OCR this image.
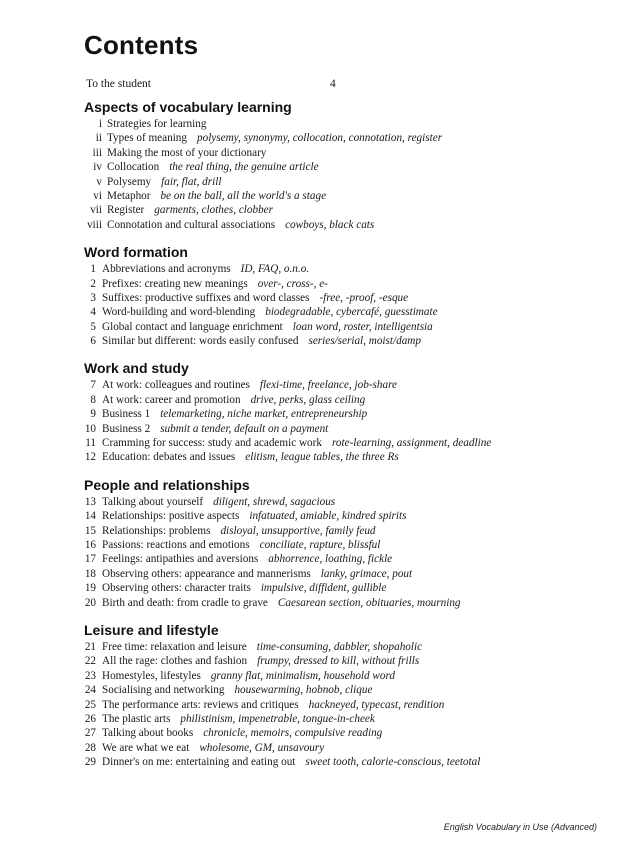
Contents
To the student	4
Aspects of vocabulary learning
i Strategies for learning
ii Types of meaning polysemy, synonymy, collocation, connotation, register
iii Making the most of your dictionary
iv Collocation the real thing, the genuine article
v Polysemy fair, flat, drill
vi Metaphor be on the ball, all the world's a stage
vii Register garments, clothes, clobber
viii Connotation and cultural associations cowboys, black cats
Word formation
1 Abbreviations and acronyms ID, FAQ, o.n.o.
2 Prefixes: creating new meanings over-, cross-, e-
3 Suffixes: productive suffixes and word classes -free, -proof, -esque
4 Word-building and word-blending biodegradable, cybercafé, guesstimate
5 Global contact and language enrichment loan word, roster, intelligentsia
6 Similar but different: words easily confused series/serial, moist/damp
Work and study
7 At work: colleagues and routines flexi-time, freelance, job-share
8 At work: career and promotion drive, perks, glass ceiling
9 Business 1 telemarketing, niche market, entrepreneurship
10 Business 2 submit a tender, default on a payment
11 Cramming for success: study and academic work rote-learning, assignment, deadline
12 Education: debates and issues elitism, league tables, the three Rs
People and relationships
13 Talking about yourself diligent, shrewd, sagacious
14 Relationships: positive aspects infatuated, amiable, kindred spirits
15 Relationships: problems disloyal, unsupportive, family feud
16 Passions: reactions and emotions conciliate, rapture, blissful
17 Feelings: antipathies and aversions abhorrence, loathing, fickle
18 Observing others: appearance and mannerisms lanky, grimace, pout
19 Observing others: character traits impulsive, diffident, gullible
20 Birth and death: from cradle to grave Caesarean section, obituaries, mourning
Leisure and lifestyle
21 Free time: relaxation and leisure time-consuming, dabbler, shopaholic
22 All the rage: clothes and fashion frumpy, dressed to kill, without frills
23 Homestyles, lifestyles granny flat, minimalism, household word
24 Socialising and networking housewarming, hobnob, clique
25 The performance arts: reviews and critiques hackneyed, typecast, rendition
26 The plastic arts philistinism, impenetrable, tongue-in-cheek
27 Talking about books chronicle, memoirs, compulsive reading
28 We are what we eat wholesome, GM, unsavoury
29 Dinner's on me: entertaining and eating out sweet tooth, calorie-conscious, teetotal
English Vocabulary in Use (Advanced)
